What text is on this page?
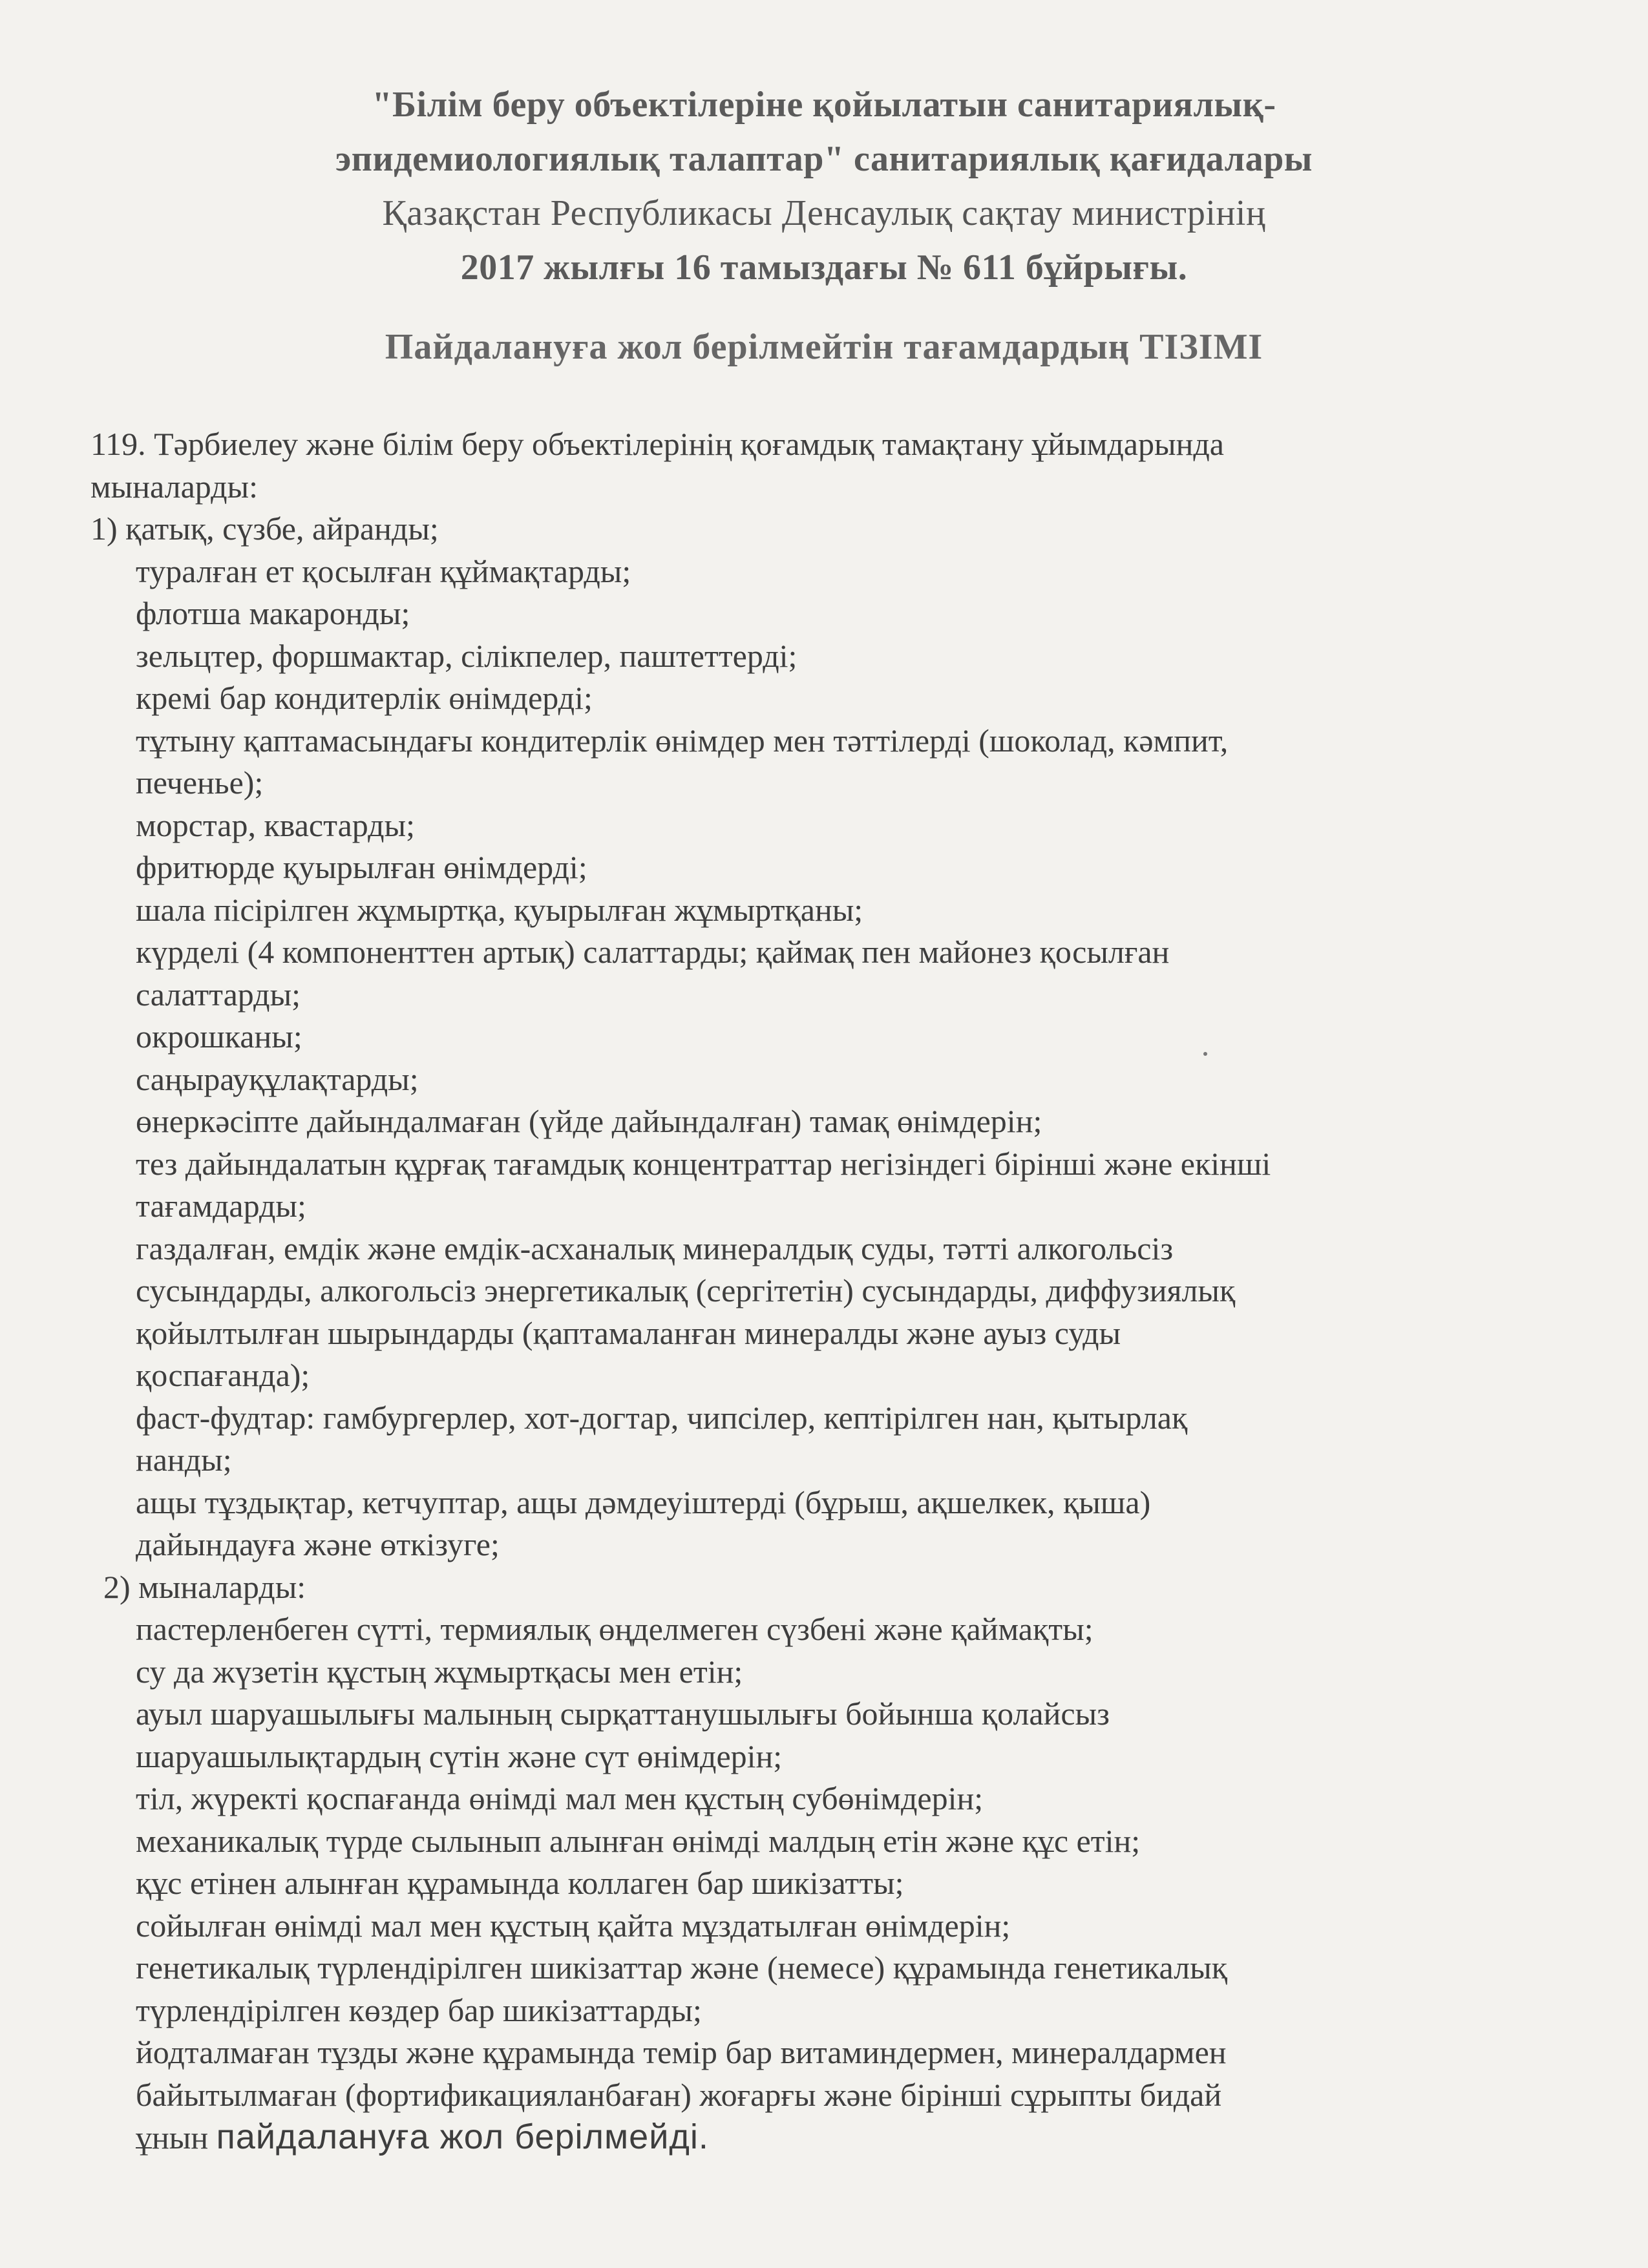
"Білім беру объектілеріне қойылатын санитариялық-
эпидемиологиялық талаптар" санитариялық қағидалары
Қазақстан Республикасы Денсаулық сақтау министрінің
2017 жылғы 16 тамыздағы № 611 бұйрығы.
Пайдалануға жол берілмейтін тағамдардың ТІЗІМІ

119. Тәрбиелеу және білім беру объектілерінің қоғамдық тамақтану ұйымдарында
мыналарды:

1) қатық, сүзбе, айранды;

туралған ет қосылған құймақтарды;

флотша макаронды;

зельцтер, форшмактар, сілікпелер, паштеттерді;

кремі бар кондитерлік өнімдерді;

тұтыну қаптамасындағы кондитерлік өнімдер мен тәттілерді (шоколад, кәмпит,
печенье);

морстар, квастарды;

фритюрде қуырылған өнімдерді;

шала пісірілген жұмыртқа, қуырылған жұмыртқаны;

күрделі (4 компоненттен артық) салаттарды; қаймақ пен майонез қосылған
салаттарды;

окрошканы;

саңырауқұлақтарды;

өнеркәсіпте дайындалмаған (үйде дайындалған) тамақ өнімдерін;

тез дайындалатын құрғақ тағамдық концентраттар негізіндегі бірінші және екінші
тағамдарды;

газдалған, емдік және емдік-асханалық минералдық суды, тәтті алкогольсіз
сусындарды, алкогольсіз энергетикалық (сергітетін) сусындарды, диффузиялық
қойылтылған шырындарды (қаптамаланған минералды және ауыз суды
қоспағанда);

фаст-фудтар: гамбургерлер, хот-догтар, чипсілер, кептірілген нан, қытырлақ
нанды;

ащы тұздықтар, кетчуптар, ащы дәмдеуіштерді (бұрыш, ақшелкек, қыша)
дайындауға және өткізуге;

2) мыналарды:

пастерленбеген сүтті, термиялық өңделмеген сүзбені және қаймақты;

су да жүзетін құстың жұмыртқасы мен етін;

ауыл шаруашылығы малының сырқаттанушылығы бойынша қолайсыз
шаруашылықтардың сүтін және сүт өнімдерін;

тіл, жүректі қоспағанда өнімді мал мен құстың субөнімдерін;

механикалық түрде сылынып алынған өнімді малдың етін және құс етін;

құс етінен алынған құрамында коллаген бар шикізатты;

сойылған өнімді мал мен құстың қайта мұздатылған өнімдерін;

генетикалық түрлендірілген шикізаттар және (немесе) құрамында генетикалық
түрлендірілген көздер бар шикізаттарды;

йодталмаған тұзды және құрамында темір бар витаминдермен, минералдармен
байытылмаған (фортификацияланбаған) жоғарғы және бірінші сұрыпты бидай
ұнын пайдалануға жол берілмейді.
